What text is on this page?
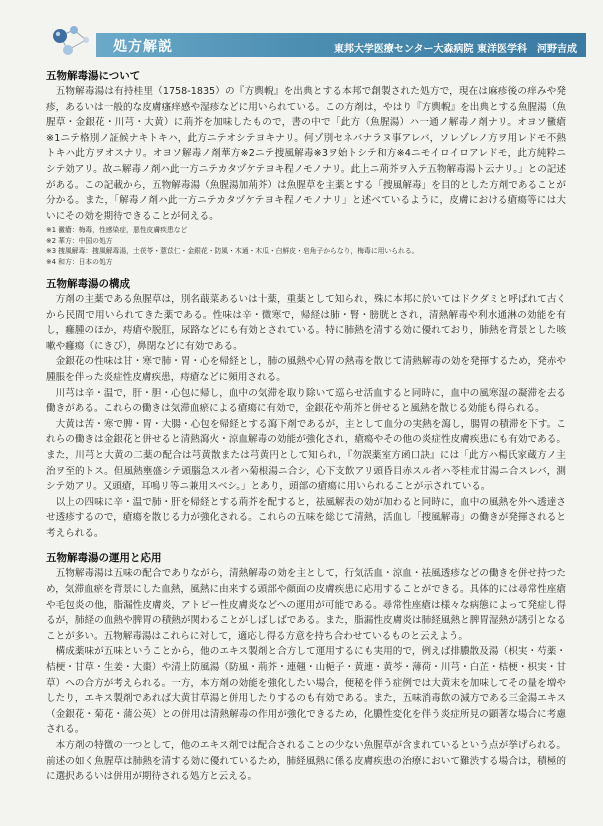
処方解説	東邦大学医療センター大森病院 東洋医学科　河野吉成
五物解毒湯について

五物解毒湯は有持桂里（1758-1835）の『方輿輗』を出典とする本邦で創製された処方で，現在は麻疹後の痒みや発疹，あるいは一般的な皮膚瘙痒感や湿疹などに用いられている。この方剤は，やはり『方輿輗』を出典とする魚腥湯（魚腥草・金銀花・川芎・大黄）に荊芥を加味したもので，書の中で「此方（魚腥湯）ハ一通ノ解毒ノ剤ナリ。オヨソ黴瘡※1ニテ格別ノ証候ナキトキハ，此方ニテオシテヨキナリ。何ゾ別セネバナラヌ事アレバ，ソレゾレノ方ヲ用レドモ不熱トキハ此方ヲオスナリ。オヨソ解毒ノ剤華方※2ニテ捜風解毒※3ヲ始トシテ和方※4ニモイロイロアレドモ，此方純粋ニシテ効アリ。故ニ解毒ノ剤ハ此一方ニテカタヅケテヨキ程ノモノナリ。此上ニ荊芥ヲ入テ五物解毒湯ト云ナリ。」との記述がある。この記載から，五物解毒湯（魚腥湯加荊芥）は魚腥草を主薬とする「捜風解毒」を目的とした方剤であることが分かる。また，「解毒ノ剤ハ此一方ニテカタヅケテヨキ程ノモノナリ」と述べているように，皮膚における瘡瘍等には大いにその効を期待できることが伺える。

※1 黴瘡：梅毒，性感染症，悪性皮膚疾患など
※2 華方：中国の処方
※3 捜風解毒：捜風解毒湯，土茯苓・薏苡仁・金銀花・防風・木通・木瓜・白鮮皮・皂角子からなり，梅毒に用いられる。
※4 和方：日本の処方
五物解毒湯の構成

方剤の主薬である魚腥草は，別名蕺菜あるいは十薬，重薬として知られ，殊に本邦に於いてはドクダミと呼ばれて古くから民間で用いられてきた薬である。性味は辛・微寒で，帰経は肺・腎・膀胱とされ，清熱解毒や利水通淋の効能を有し，癰腫のほか，痔瘡や脱肛，尿路などにも有効とされている。特に肺熱を清する効に優れており，肺熱を背景とした咳嗽や癰瘍（にきび），鼻閉などに有効である。

金銀花の性味は甘・寒で肺・胃・心を帰経とし，肺の風熱や心胃の熱毒を散じて清熱解毒の効を発揮するため，発赤や腫脹を伴った炎症性皮膚疾患，痔瘡などに頻用される。

川芎は辛・温で，肝・胆・心包に帰し，血中の気滞を取り除いて巡らせ活血すると同時に，血中の風寒湿の凝滞を去る働きがある。これらの働きは気滞血瘀による瘡瘍に有効で，金銀花や荊芥と併せると風熱を散じる効能も得られる。

大黄は苦・寒で脾・胃・大腸・心包を帰経とする瀉下剤であるが，主として血分の実熱を瀉し，腸胃の積滞を下す。これらの働きは金銀花と併せると清熱瀉火・涼血解毒の効能が強化され，瘡瘍やその他の炎症性皮膚疾患にも有効である。また，川芎と大黄の二薬の配合は芎黄散または芎黄円として知られ，『勿誤薬室方函口訣』には「此方ハ楊氏家蔵方ノ主治ヲ至的トス。但風熱壅盛シテ頭腦急スル者ハ菊根湯ニ合シ，心下支飲アリ頭昏目赤スル者ハ苓桂朮甘湯ニ合スレバ，測シテ効アリ。又頭瘡，耳鳴リ等ニ兼用スベシ。」とあり，頭部の瘡瘍に用いられることが示されている。

以上の四味に辛・温で肺・肝を帰経とする荊芥を配すると，祛風解表の効が加わると同時に，血中の風熱を外へ透達させ透疹するので，瘡瘍を散じる力が強化される。これらの五味を総じて清熱，活血し「捜風解毒」の働きが発揮されると考えられる。

五物解毒湯の運用と応用

五物解毒湯は五味の配合でありながら，清熱解毒の効を主として，行気活血・涼血・祛風透疹などの働きを併せ持つため，気滞血瘀を背景にした血熱，風熱に由来する頭部や顔面の皮膚疾患に応用することができる。具体的には尋常性座瘡や毛包炎の他，脂漏性皮膚炎，アトピー性皮膚炎などへの運用が可能である。尋常性座瘡は様々な病態によって発症し得るが，肺経の血熱や脾胃の積熱が関わることがしばしばである。また，脂漏性皮膚炎は肺経風熱と脾胃湿熱が誘引となることが多い。五物解毒湯はこれらに対して，適応し得る方意を持ち合わせているものと云えよう。

構成薬味が五味ということから，他のエキス製剤と合方して運用するにも実用的で，例えば排膿散及湯（枳実・芍薬・桔梗・甘草・生姜・大棗）や清上防風湯（防風・荊芥・連翹・山梔子・黄連・黄芩・薄荷・川芎・白芷・桔梗・枳実・甘草）への合方が考えられる。一方，本方剤の効能を強化したい場合，便秘を伴う症例では大黄末を加味してその量を増やしたり，エキス製剤であれば大黄甘草湯と併用したりするのも有効である。また，五味消毒飲の減方である三金湯エキス（金銀花・菊花・蒲公英）との併用は清熱解毒の作用が強化できるため，化膿性変化を伴う炎症所見の顕著な場合に考慮される。

本方剤の特徴の一つとして，他のエキス剤では配合されることの少ない魚腥草が含まれているという点が挙げられる。前述の如く魚腥草は肺熱を清する効に優れているため，肺経風熱に係る皮膚疾患の治療において難渋する場合は，積極的に選択あるいは併用が期待される処方と云える。
